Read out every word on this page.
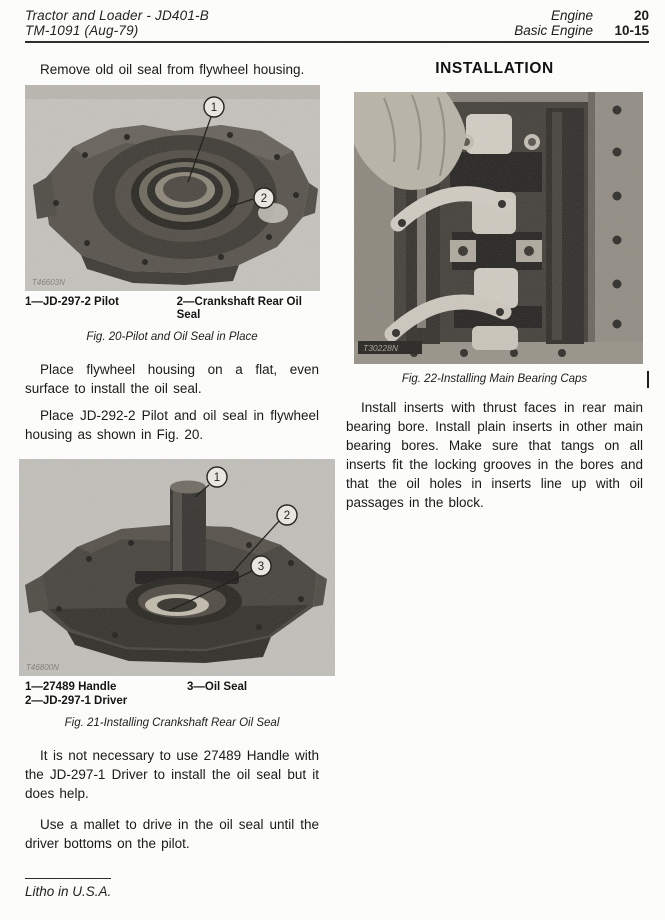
Tractor and Loader - JD401-B	Engine	20
TM-1091 (Aug-79)	Basic Engine 10-15

Remove old oil seal from flywheel housing.

1
2
T46603N
1—JD-297-2 Pilot	2—Crankshaft Rear Oil Seal
Fig. 20-Pilot and Oil Seal in Place

Place flywheel housing on a flat, even surface to install the oil seal.

Place JD-292-2 Pilot and oil seal in flywheel housing as shown in Fig. 20.

1
2
3
T46800N
1—27489 Handle
2—JD-297-1 Driver
3—Oil Seal
Fig. 21-Installing Crankshaft Rear Oil Seal

It is not necessary to use 27489 Handle with the JD-297-1 Driver to install the oil seal but it does help.

Use a mallet to drive in the oil seal until the driver bottoms on the pilot.

INSTALLATION
T30228N
Fig. 22-Installing Main Bearing Caps

Install inserts with thrust faces in rear main bearing bore. Install plain inserts in other main bearing bores. Make sure that tangs on all inserts fit the locking grooves in the bores and that the oil holes in inserts line up with oil passages in the block.

Litho in U.S.A.
